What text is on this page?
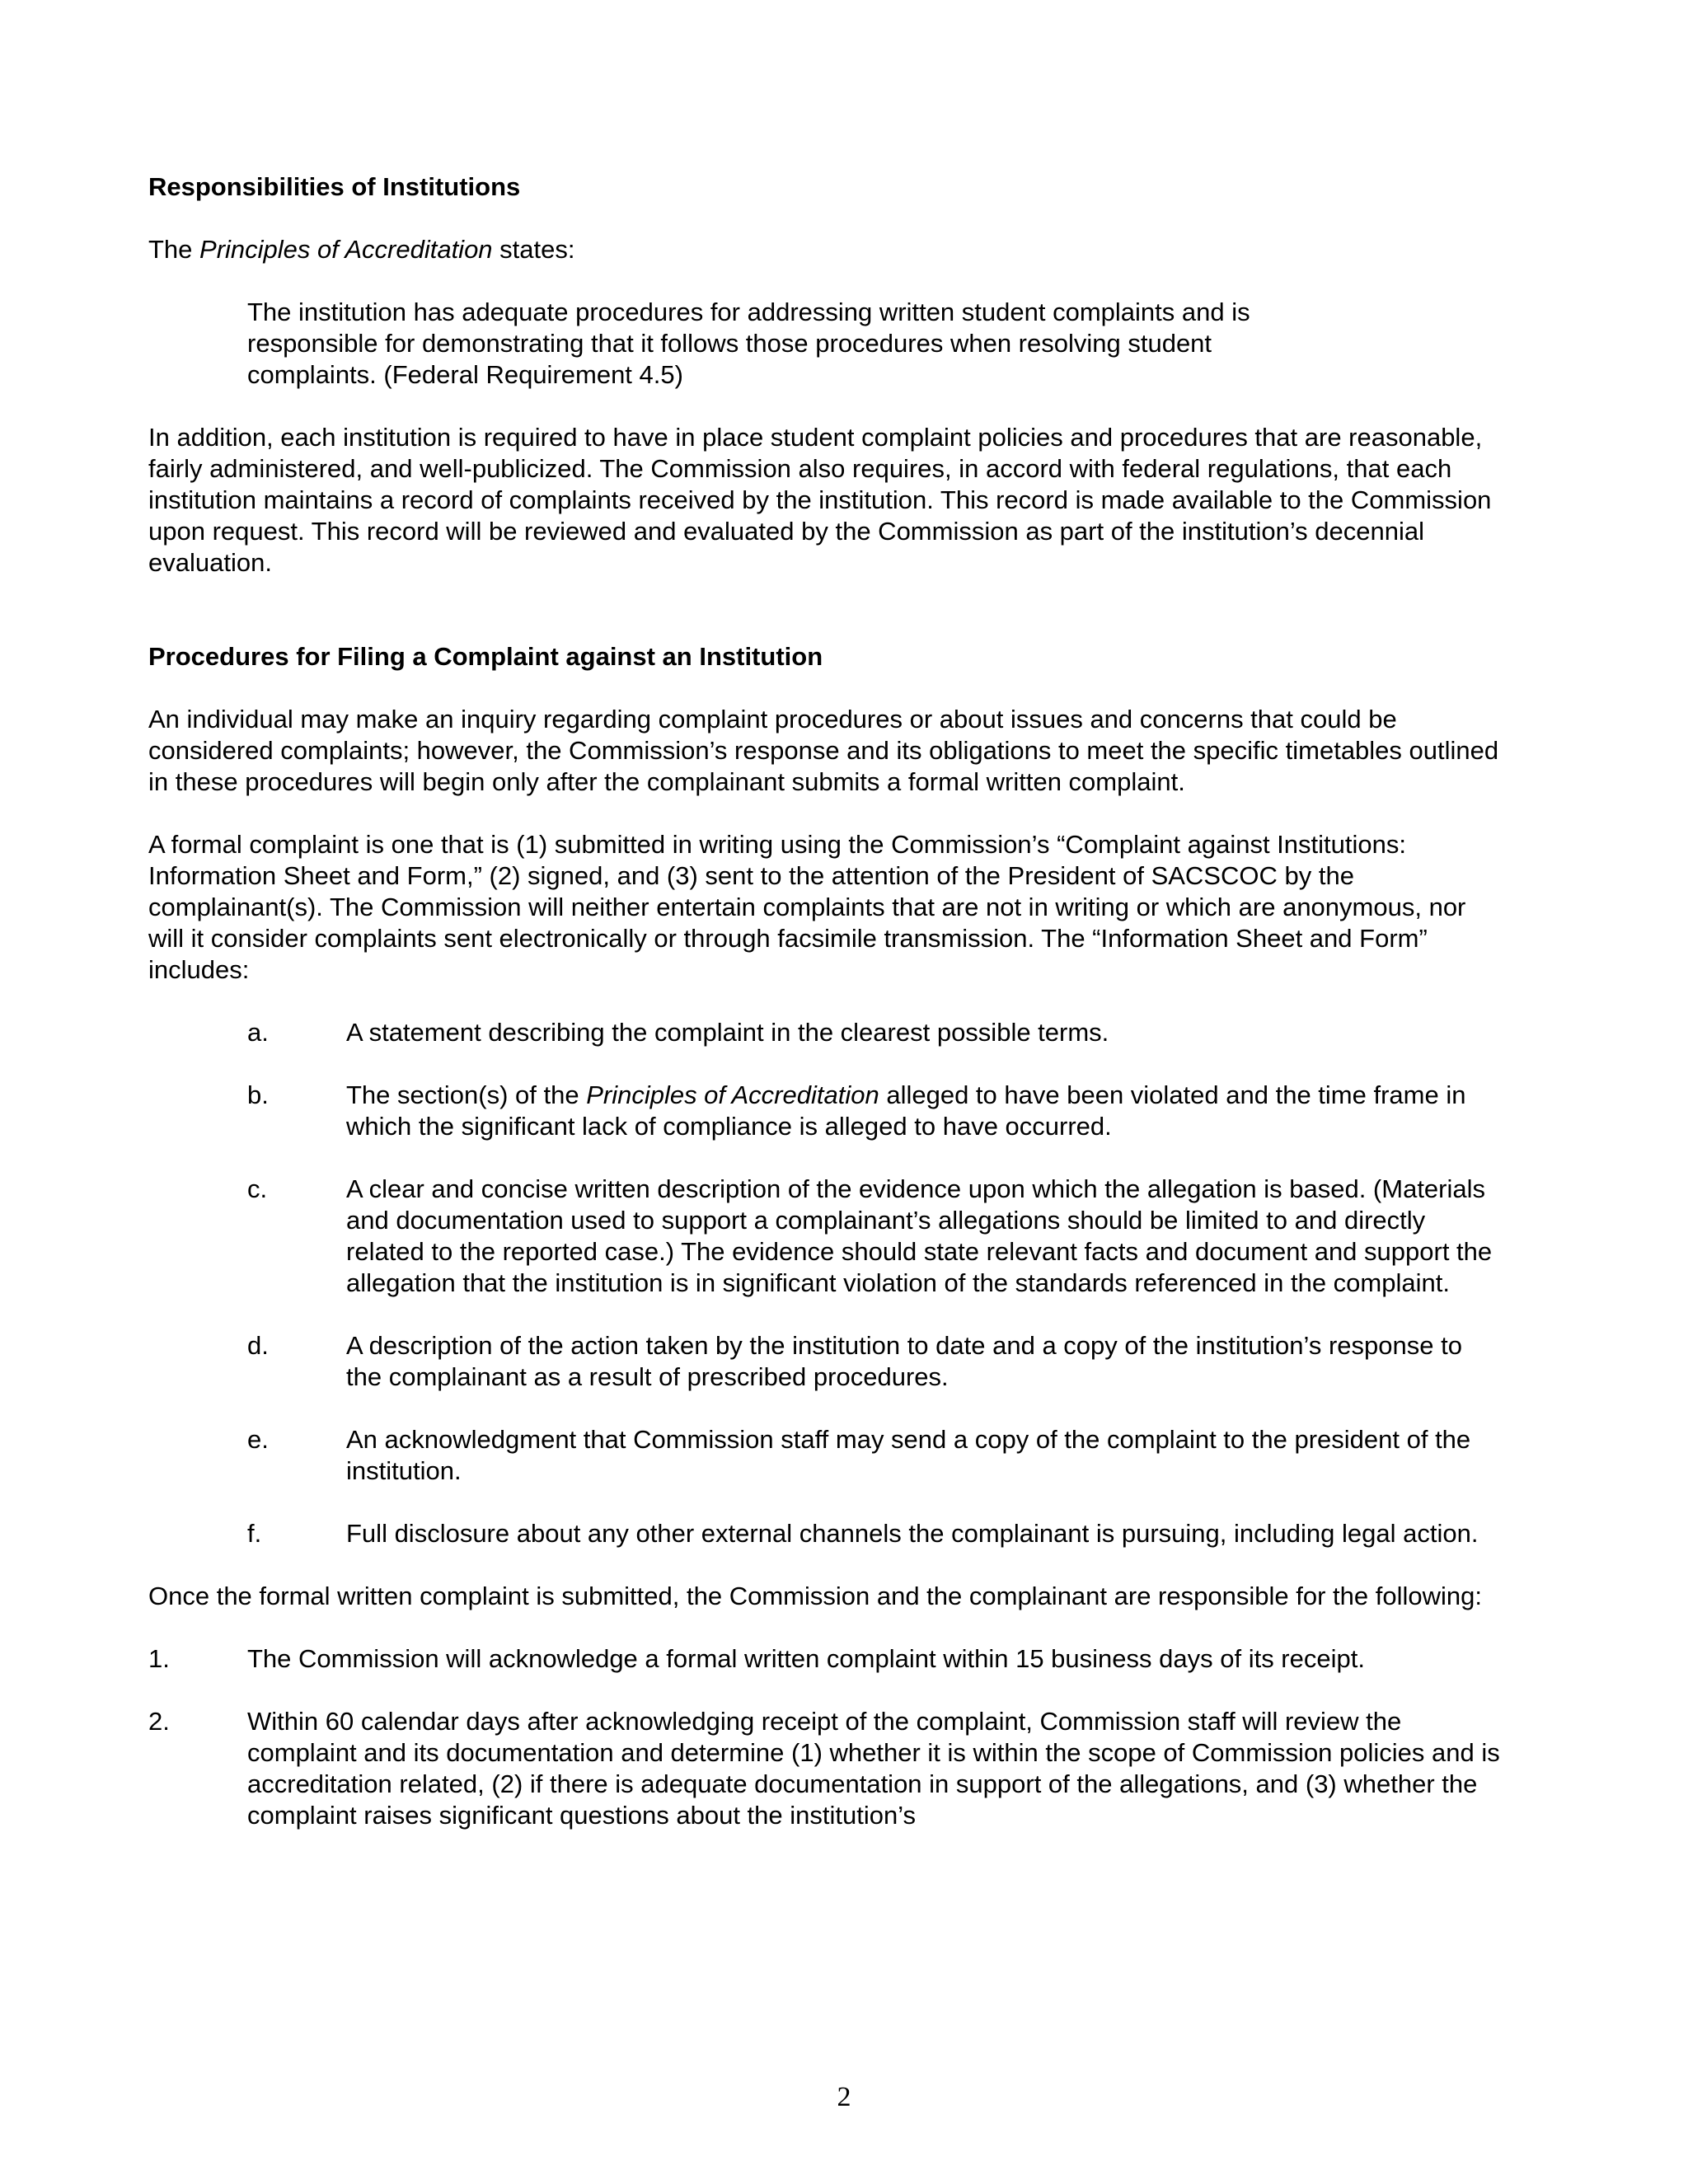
Responsibilities of Institutions

The Principles of Accreditation states:

The institution has adequate procedures for addressing written student complaints and is responsible for demonstrating that it follows those procedures when resolving student complaints. (Federal Requirement 4.5)

In addition, each institution is required to have in place student complaint policies and procedures that are reasonable, fairly administered, and well-publicized. The Commission also requires, in accord with federal regulations, that each institution maintains a record of complaints received by the institution. This record is made available to the Commission upon request. This record will be reviewed and evaluated by the Commission as part of the institution’s decennial evaluation.

Procedures for Filing a Complaint against an Institution

An individual may make an inquiry regarding complaint procedures or about issues and concerns that could be considered complaints; however, the Commission’s response and its obligations to meet the specific timetables outlined in these procedures will begin only after the complainant submits a formal written complaint.

A formal complaint is one that is (1) submitted in writing using the Commission’s “Complaint against Institutions: Information Sheet and Form,” (2) signed, and (3) sent to the attention of the President of SACSCOC by the complainant(s). The Commission will neither entertain complaints that are not in writing or which are anonymous, nor will it consider complaints sent electronically or through facsimile transmission. The “Information Sheet and Form” includes:

a.	A statement describing the complaint in the clearest possible terms.
b.	The section(s) of the Principles of Accreditation alleged to have been violated and the time frame in which the significant lack of compliance is alleged to have occurred.
c.	A clear and concise written description of the evidence upon which the allegation is based. (Materials and documentation used to support a complainant’s allegations should be limited to and directly related to the reported case.) The evidence should state relevant facts and document and support the allegation that the institution is in significant violation of the standards referenced in the complaint.
d.	A description of the action taken by the institution to date and a copy of the institution’s response to the complainant as a result of prescribed procedures.
e.	An acknowledgment that Commission staff may send a copy of the complaint to the president of the institution.
f.	Full disclosure about any other external channels the complainant is pursuing, including legal action.

Once the formal written complaint is submitted, the Commission and the complainant are responsible for the following:

1.	The Commission will acknowledge a formal written complaint within 15 business days of its receipt.
2.	Within 60 calendar days after acknowledging receipt of the complaint, Commission staff will review the complaint and its documentation and determine (1) whether it is within the scope of Commission policies and is accreditation related, (2) if there is adequate documentation in support of the allegations, and (3) whether the complaint raises significant questions about the institution’s
2
